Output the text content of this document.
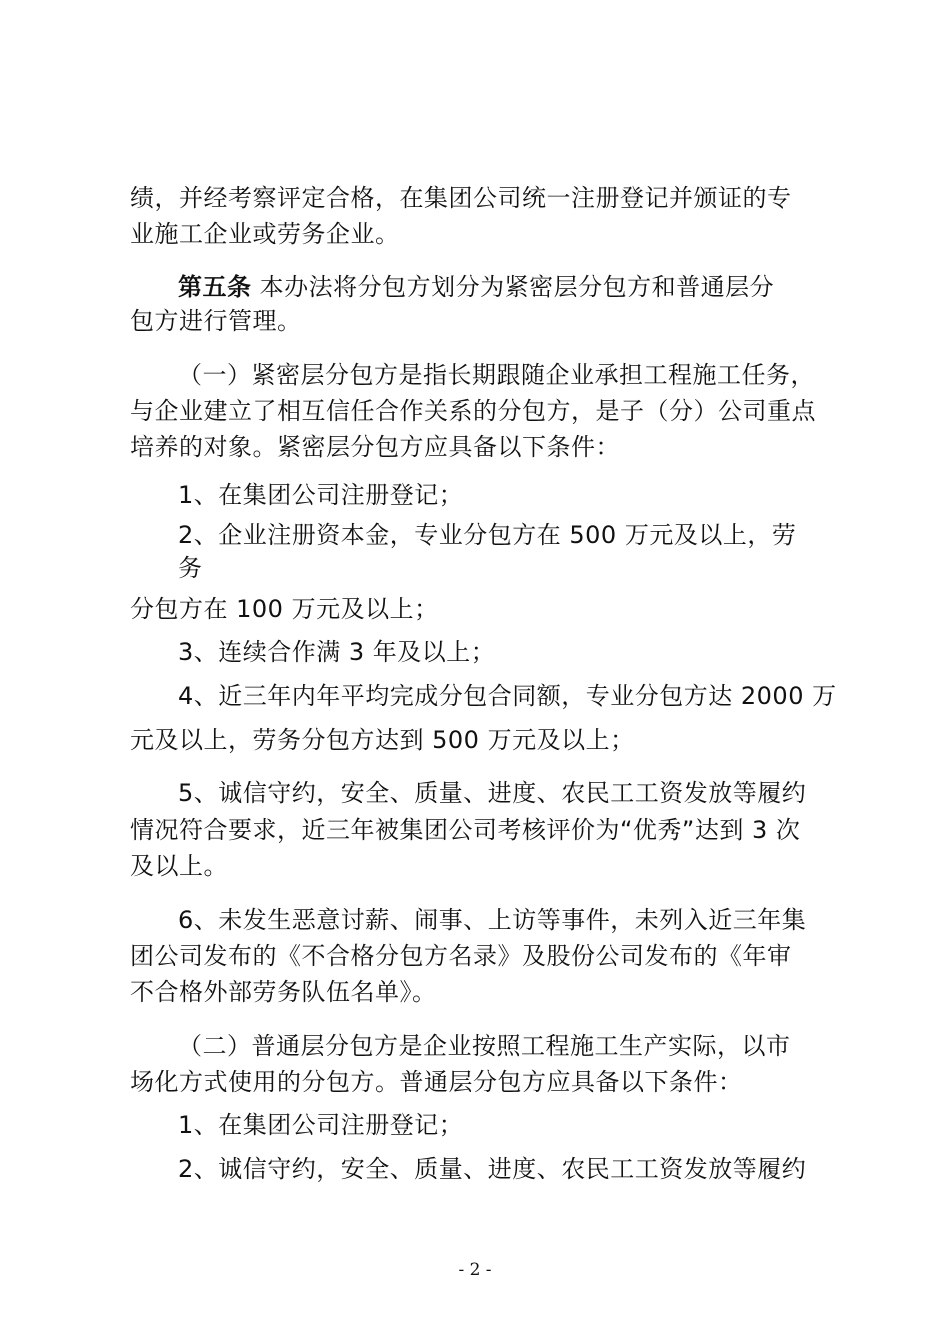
绩，并经考察评定合格，在集团公司统一注册登记并颁证的专
业施工企业或劳务企业。
第五条 本办法将分包方划分为紧密层分包方和普通层分
包方进行管理。
（一）紧密层分包方是指长期跟随企业承担工程施工任务，
与企业建立了相互信任合作关系的分包方，是子（分）公司重点
培养的对象。紧密层分包方应具备以下条件：
1、在集团公司注册登记；
2、企业注册资本金，专业分包方在 500 万元及以上，劳
务
分包方在 100 万元及以上；
3、连续合作满 3 年及以上；
4、近三年内年平均完成分包合同额，专业分包方达 2000 万
元及以上，劳务分包方达到 500 万元及以上；
5、诚信守约，安全、质量、进度、农民工工资发放等履约
情况符合要求，近三年被集团公司考核评价为“优秀”达到 3 次
及以上。
6、未发生恶意讨薪、闹事、上访等事件，未列入近三年集
团公司发布的《不合格分包方名录》及股份公司发布的《年审
不合格外部劳务队伍名单》。
（二）普通层分包方是企业按照工程施工生产实际，以市
场化方式使用的分包方。普通层分包方应具备以下条件：
1、在集团公司注册登记；
2、诚信守约，安全、质量、进度、农民工工资发放等履约
- 2 -
